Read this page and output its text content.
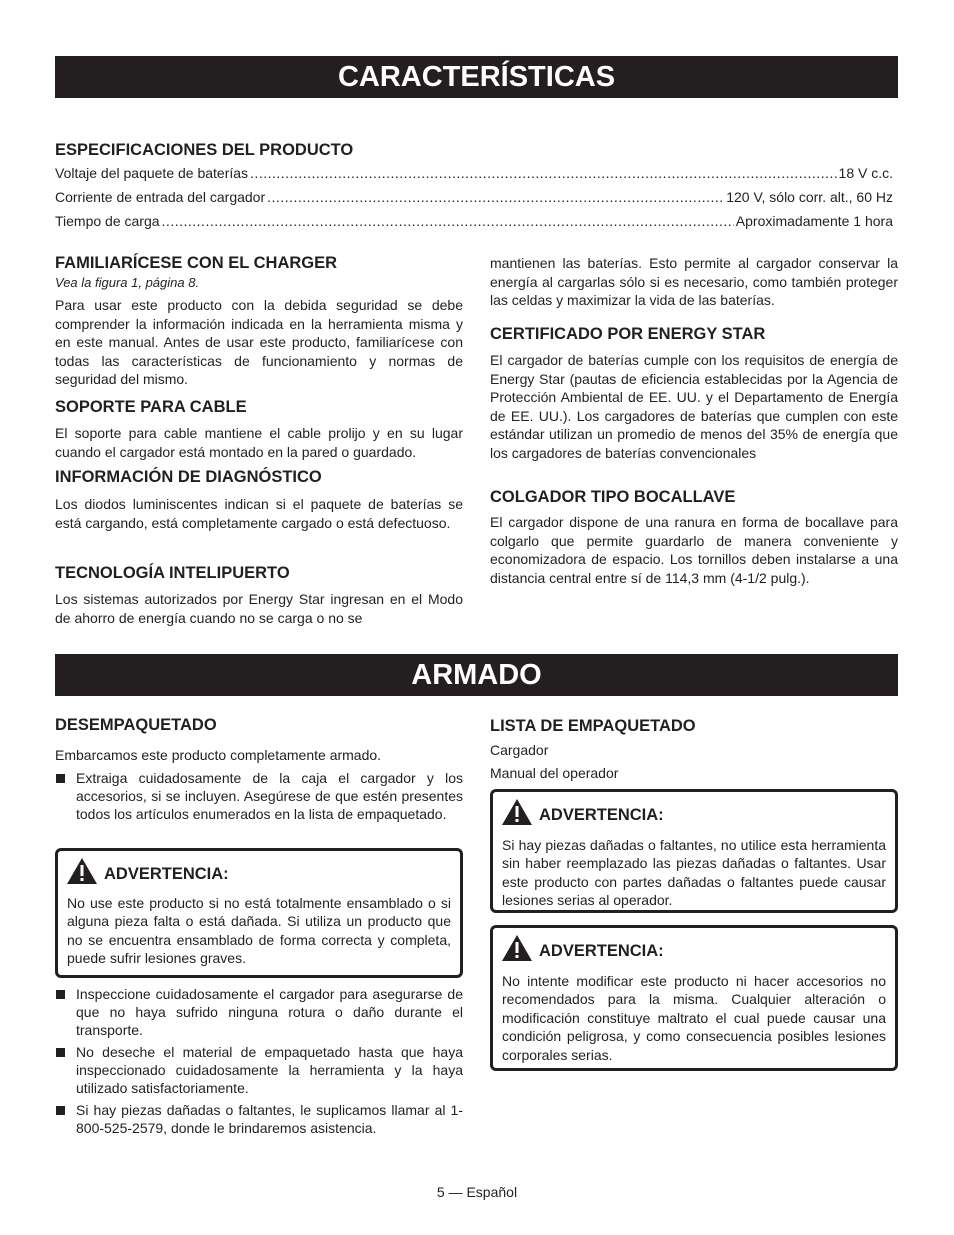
CARACTERÍSTICAS
ESPECIFICACIONES DEL PRODUCTO
Voltaje del paquete de baterías .....	18 V c.c.
Corriente de entrada del cargador .....	120 V, sólo corr. alt., 60 Hz
Tiempo de carga .....	Aproximadamente 1 hora
FAMILIARÍCESE CON EL CHARGER
Vea la figura 1, página 8.
Para usar este producto con la debida seguridad se debe comprender la información indicada en la herramienta misma y en este manual. Antes de usar este producto, familiarícese con todas las características de funcionamiento y normas de seguridad del mismo.
SOPORTE PARA CABLE
El soporte para cable mantiene el cable prolijo y en su lugar cuando el cargador está montado en la pared o guardado.
INFORMACIÓN DE DIAGNÓSTICO
Los diodos luminiscentes indican si el paquete de baterías se está cargando, está completamente cargado o está defectuoso.
TECNOLOGÍA INTELIPUERTO
Los sistemas autorizados por Energy Star ingresan en el Modo de ahorro de energía cuando no se carga o no se
mantienen las baterías. Esto permite al cargador conservar la energía al cargarlas sólo si es necesario, como también proteger las celdas y maximizar la vida de las baterías.
CERTIFICADO POR ENERGY STAR
El cargador de baterías cumple con los requisitos de energía de Energy Star (pautas de eficiencia establecidas por la Agencia de Protección Ambiental de EE. UU. y el Departamento de Energía de EE. UU.). Los cargadores de baterías que cumplen con este estándar utilizan un promedio de menos del 35% de energía que los cargadores de baterías convencionales
COLGADOR TIPO BOCALLAVE
El cargador dispone de una ranura en forma de bocallave para colgarlo que permite guardarlo de manera conveniente y economizadora de espacio. Los tornillos deben instalarse a una distancia central entre sí de 114,3 mm (4-1/2 pulg.).
ARMADO
DESEMPAQUETADO
Embarcamos este producto completamente armado.
Extraiga cuidadosamente de la caja el cargador y los accesorios, si se incluyen. Asegúrese de que estén presentes todos los artículos enumerados en la lista de empaquetado.
ADVERTENCIA:
No use este producto si no está totalmente ensamblado o si alguna pieza falta o está dañada. Si utiliza un producto que no se encuentra ensamblado de forma correcta y completa, puede sufrir lesiones graves.
Inspeccione cuidadosamente el cargador para asegurarse de que no haya sufrido ninguna rotura o daño durante el transporte.
No deseche el material de empaquetado hasta que haya inspeccionado cuidadosamente la herramienta y la haya utilizado satisfactoriamente.
Si hay piezas dañadas o faltantes, le suplicamos llamar al 1-800-525-2579, donde le brindaremos asistencia.
LISTA DE EMPAQUETADO
Cargador
Manual del operador
ADVERTENCIA:
Si hay piezas dañadas o faltantes, no utilice esta herramienta sin haber reemplazado las piezas dañadas o faltantes. Usar este producto con partes dañadas o faltantes puede causar lesiones serias al operador.
ADVERTENCIA:
No intente modificar este producto ni hacer accesorios no recomendados para la misma. Cualquier alteración o modificación constituye maltrato el cual puede causar una condición peligrosa, y como consecuencia posibles lesiones corporales serias.
5 — Español
